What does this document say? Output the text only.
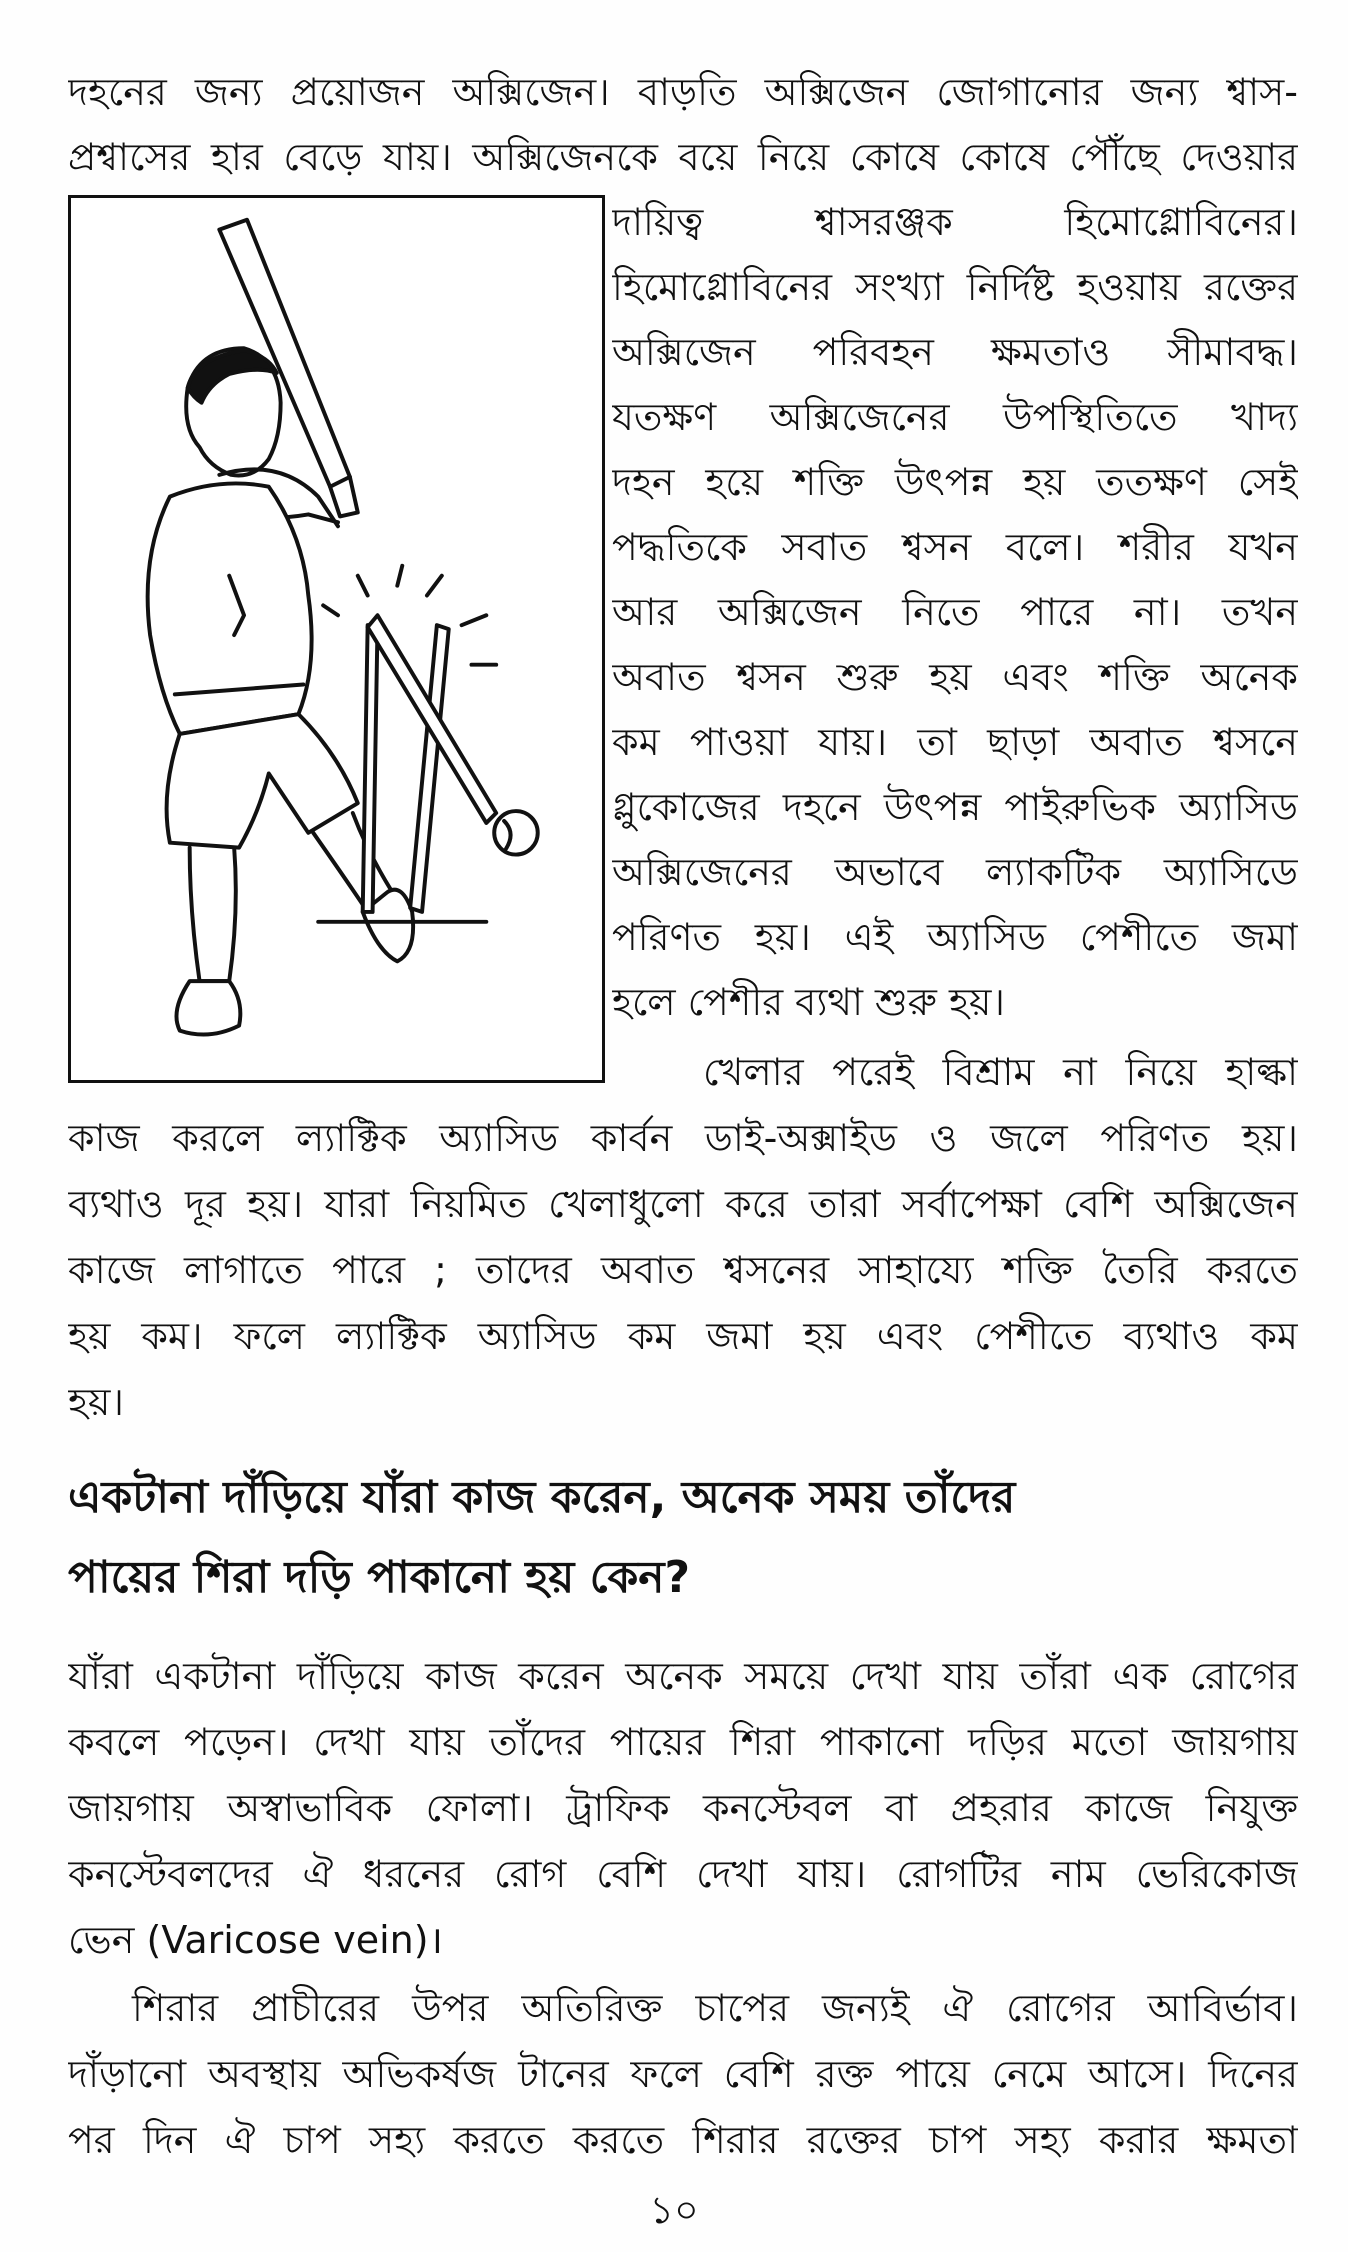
দহনের জন্য প্রয়োজন অক্সিজেন। বাড়তি অক্সিজেন জোগানোর জন্য শ্বাস-
প্রশ্বাসের হার বেড়ে যায়। অক্সিজেনকে বয়ে নিয়ে কোষে কোষে পৌঁছে দেওয়ার
দায়িত্ব শ্বাসরঞ্জক হিমোগ্লোবিনের।
হিমোগ্লোবিনের সংখ্যা নির্দিষ্ট হওয়ায় রক্তের
অক্সিজেন পরিবহন ক্ষমতাও সীমাবদ্ধ।
যতক্ষণ অক্সিজেনের উপস্থিতিতে খাদ্য
দহন হয়ে শক্তি উৎপন্ন হয় ততক্ষণ সেই
পদ্ধতিকে সবাত শ্বসন বলে। শরীর যখন
আর অক্সিজেন নিতে পারে না। তখন
অবাত শ্বসন শুরু হয় এবং শক্তি অনেক
কম পাওয়া যায়। তা ছাড়া অবাত শ্বসনে
গ্লুকোজের দহনে উৎপন্ন পাইরুভিক অ্যাসিড
অক্সিজেনের অভাবে ল্যাকটিক অ্যাসিডে
পরিণত হয়। এই অ্যাসিড পেশীতে জমা
হলে পেশীর ব্যথা শুরু হয়।
খেলার পরেই বিশ্রাম না নিয়ে হাল্কা
কাজ করলে ল্যাক্টিক অ্যাসিড কার্বন ডাই-অক্সাইড ও জলে পরিণত হয়।
ব্যথাও দূর হয়। যারা নিয়মিত খেলাধুলো করে তারা সর্বাপেক্ষা বেশি অক্সিজেন
কাজে লাগাতে পারে ; তাদের অবাত শ্বসনের সাহায্যে শক্তি তৈরি করতে
হয় কম। ফলে ল্যাক্টিক অ্যাসিড কম জমা হয় এবং পেশীতে ব্যথাও কম
হয়।
একটানা দাঁড়িয়ে যাঁরা কাজ করেন, অনেক সময় তাঁদের
পায়ের শিরা দড়ি পাকানো হয় কেন?
যাঁরা একটানা দাঁড়িয়ে কাজ করেন অনেক সময়ে দেখা যায় তাঁরা এক রোগের
কবলে পড়েন। দেখা যায় তাঁদের পায়ের শিরা পাকানো দড়ির মতো জায়গায়
জায়গায় অস্বাভাবিক ফোলা। ট্রাফিক কনস্টেবল বা প্রহরার কাজে নিযুক্ত
কনস্টেবলদের ঐ ধরনের রোগ বেশি দেখা যায়। রোগটির নাম ভেরিকোজ
ভেন (Varicose vein)।
শিরার প্রাচীরের উপর অতিরিক্ত চাপের জন্যই ঐ রোগের আবির্ভাব।
দাঁড়ানো অবস্থায় অভিকর্ষজ টানের ফলে বেশি রক্ত পায়ে নেমে আসে। দিনের
পর দিন ঐ চাপ সহ্য করতে করতে শিরার রক্তের চাপ সহ্য করার ক্ষমতা
১০
